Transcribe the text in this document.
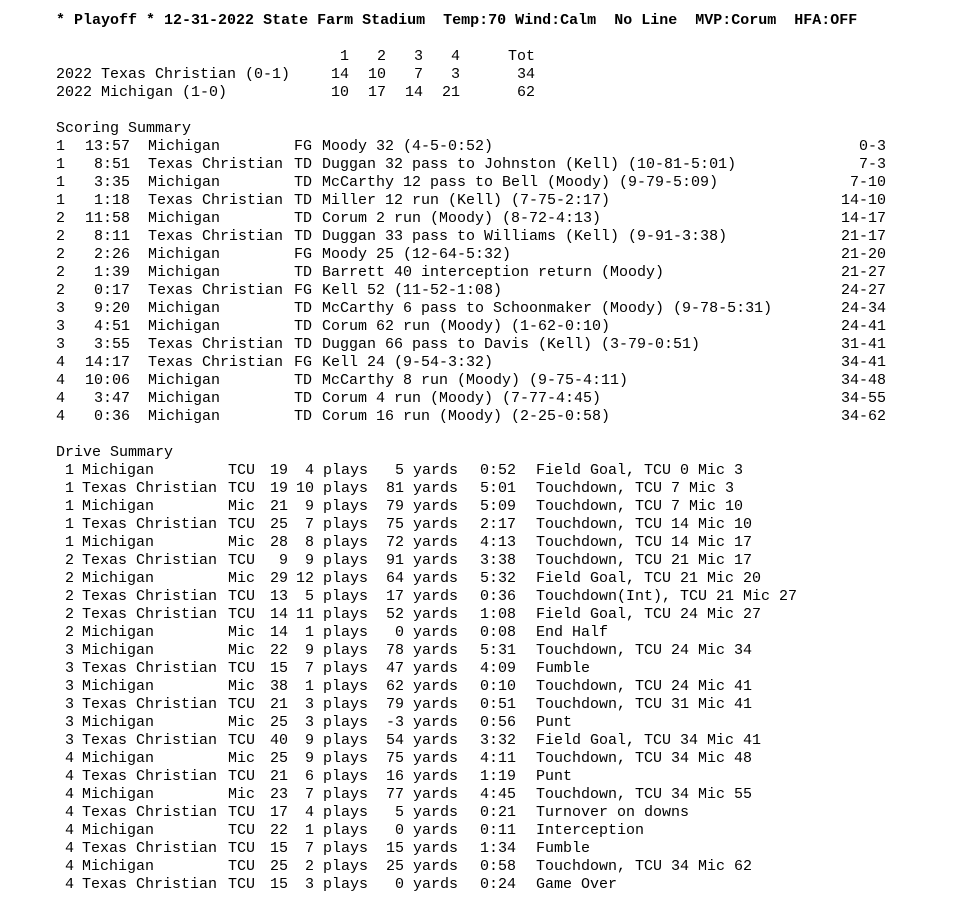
* Playoff * 12-31-2022 State Farm Stadium Temp:70 Wind:Calm No Line MVP:Corum HFA:OFF
1 2 3 4	Tot
2022 Texas Christian (0-1)	14 10 7 3	34
2022 Michigan (1-0)	10 17 14 21	62
Scoring Summary
1 13:57 Michigan	FG Moody 32 (4-5-0:52)	0-3
1 8:51 Texas Christian TD Duggan 32 pass to Johnston (Kell) (10-81-5:01)	7-3
1 3:35 Michigan	TD McCarthy 12 pass to Bell (Moody) (9-79-5:09)	7-10
1 1:18 Texas Christian TD Miller 12 run (Kell) (7-75-2:17)	14-10
2 11:58 Michigan	TD Corum 2 run (Moody) (8-72-4:13)	14-17
2 8:11 Texas Christian TD Duggan 33 pass to Williams (Kell) (9-91-3:38)	21-17
2 2:26 Michigan	FG Moody 25 (12-64-5:32)	21-20
2 1:39 Michigan	TD Barrett 40 interception return (Moody)	21-27
2 0:17 Texas Christian FG Kell 52 (11-52-1:08)	24-27
3 9:20 Michigan	TD McCarthy 6 pass to Schoonmaker (Moody) (9-78-5:31)	24-34
3 4:51 Michigan	TD Corum 62 run (Moody) (1-62-0:10)	24-41
3 3:55 Texas Christian TD Duggan 66 pass to Davis (Kell) (3-79-0:51)	31-41
4 14:17 Texas Christian FG Kell 24 (9-54-3:32)	34-41
4 10:06 Michigan	TD McCarthy 8 run (Moody) (9-75-4:11)	34-48
4 3:47 Michigan	TD Corum 4 run (Moody) (7-77-4:45)	34-55
4 0:36 Michigan	TD Corum 16 run (Moody) (2-25-0:58)	34-62
Drive Summary
1 Michigan	TCU 19 4 plays 5 yards 0:52 Field Goal, TCU 0 Mic 3
1 Texas Christian TCU 19 10 plays 81 yards 5:01 Touchdown, TCU 7 Mic 3
1 Michigan	Mic 21 9 plays 79 yards 5:09 Touchdown, TCU 7 Mic 10
1 Texas Christian TCU 25 7 plays 75 yards 2:17 Touchdown, TCU 14 Mic 10
1 Michigan	Mic 28 8 plays 72 yards 4:13 Touchdown, TCU 14 Mic 17
2 Texas Christian TCU 9 9 plays 91 yards 3:38 Touchdown, TCU 21 Mic 17
2 Michigan	Mic 29 12 plays 64 yards 5:32 Field Goal, TCU 21 Mic 20
2 Texas Christian TCU 13 5 plays 17 yards 0:36 Touchdown(Int), TCU 21 Mic 27
2 Texas Christian TCU 14 11 plays 52 yards 1:08 Field Goal, TCU 24 Mic 27
2 Michigan	Mic 14 1 plays 0 yards 0:08 End Half
3 Michigan	Mic 22 9 plays 78 yards 5:31 Touchdown, TCU 24 Mic 34
3 Texas Christian TCU 15 7 plays 47 yards 4:09 Fumble
3 Michigan	Mic 38 1 plays 62 yards 0:10 Touchdown, TCU 24 Mic 41
3 Texas Christian TCU 21 3 plays 79 yards 0:51 Touchdown, TCU 31 Mic 41
3 Michigan	Mic 25 3 plays -3 yards 0:56 Punt
3 Texas Christian TCU 40 9 plays 54 yards 3:32 Field Goal, TCU 34 Mic 41
4 Michigan	Mic 25 9 plays 75 yards 4:11 Touchdown, TCU 34 Mic 48
4 Texas Christian TCU 21 6 plays 16 yards 1:19 Punt
4 Michigan	Mic 23 7 plays 77 yards 4:45 Touchdown, TCU 34 Mic 55
4 Texas Christian TCU 17 4 plays 5 yards 0:21 Turnover on downs
4 Michigan	TCU 22 1 plays 0 yards 0:11 Interception
4 Texas Christian TCU 15 7 plays 15 yards 1:34 Fumble
4 Michigan	TCU 25 2 plays 25 yards 0:58 Touchdown, TCU 34 Mic 62
4 Texas Christian TCU 15 3 plays 0 yards 0:24 Game Over
